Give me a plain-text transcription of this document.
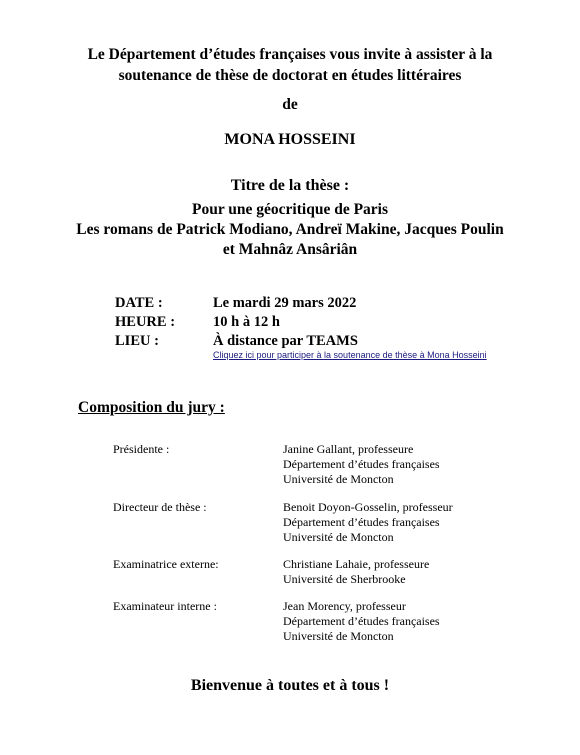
Le Département d’études françaises vous invite à assister à la
soutenance de thèse de doctorat en études littéraires
de
MONA HOSSEINI
Titre de la thèse :
Pour une géocritique de Paris
Les romans de Patrick Modiano, Andreï Makine, Jacques Poulin
et Mahnâz Ansâriân
DATE :	Le mardi 29 mars 2022
HEURE :	10 h à 12 h
LIEU :	À distance par TEAMS
Cliquez ici pour participer à la soutenance de thèse à Mona Hosseini
Composition du jury :
Présidente :	Janine Gallant, professeure
Département d’études françaises
Université de Moncton
Directeur de thèse :	Benoit Doyon-Gosselin, professeur
Département d’études françaises
Université de Moncton
Examinatrice externe:	Christiane Lahaie, professeure
Université de Sherbrooke
Examinateur interne :	Jean Morency, professeur
Département d’études françaises
Université de Moncton
Bienvenue à toutes et à tous !
